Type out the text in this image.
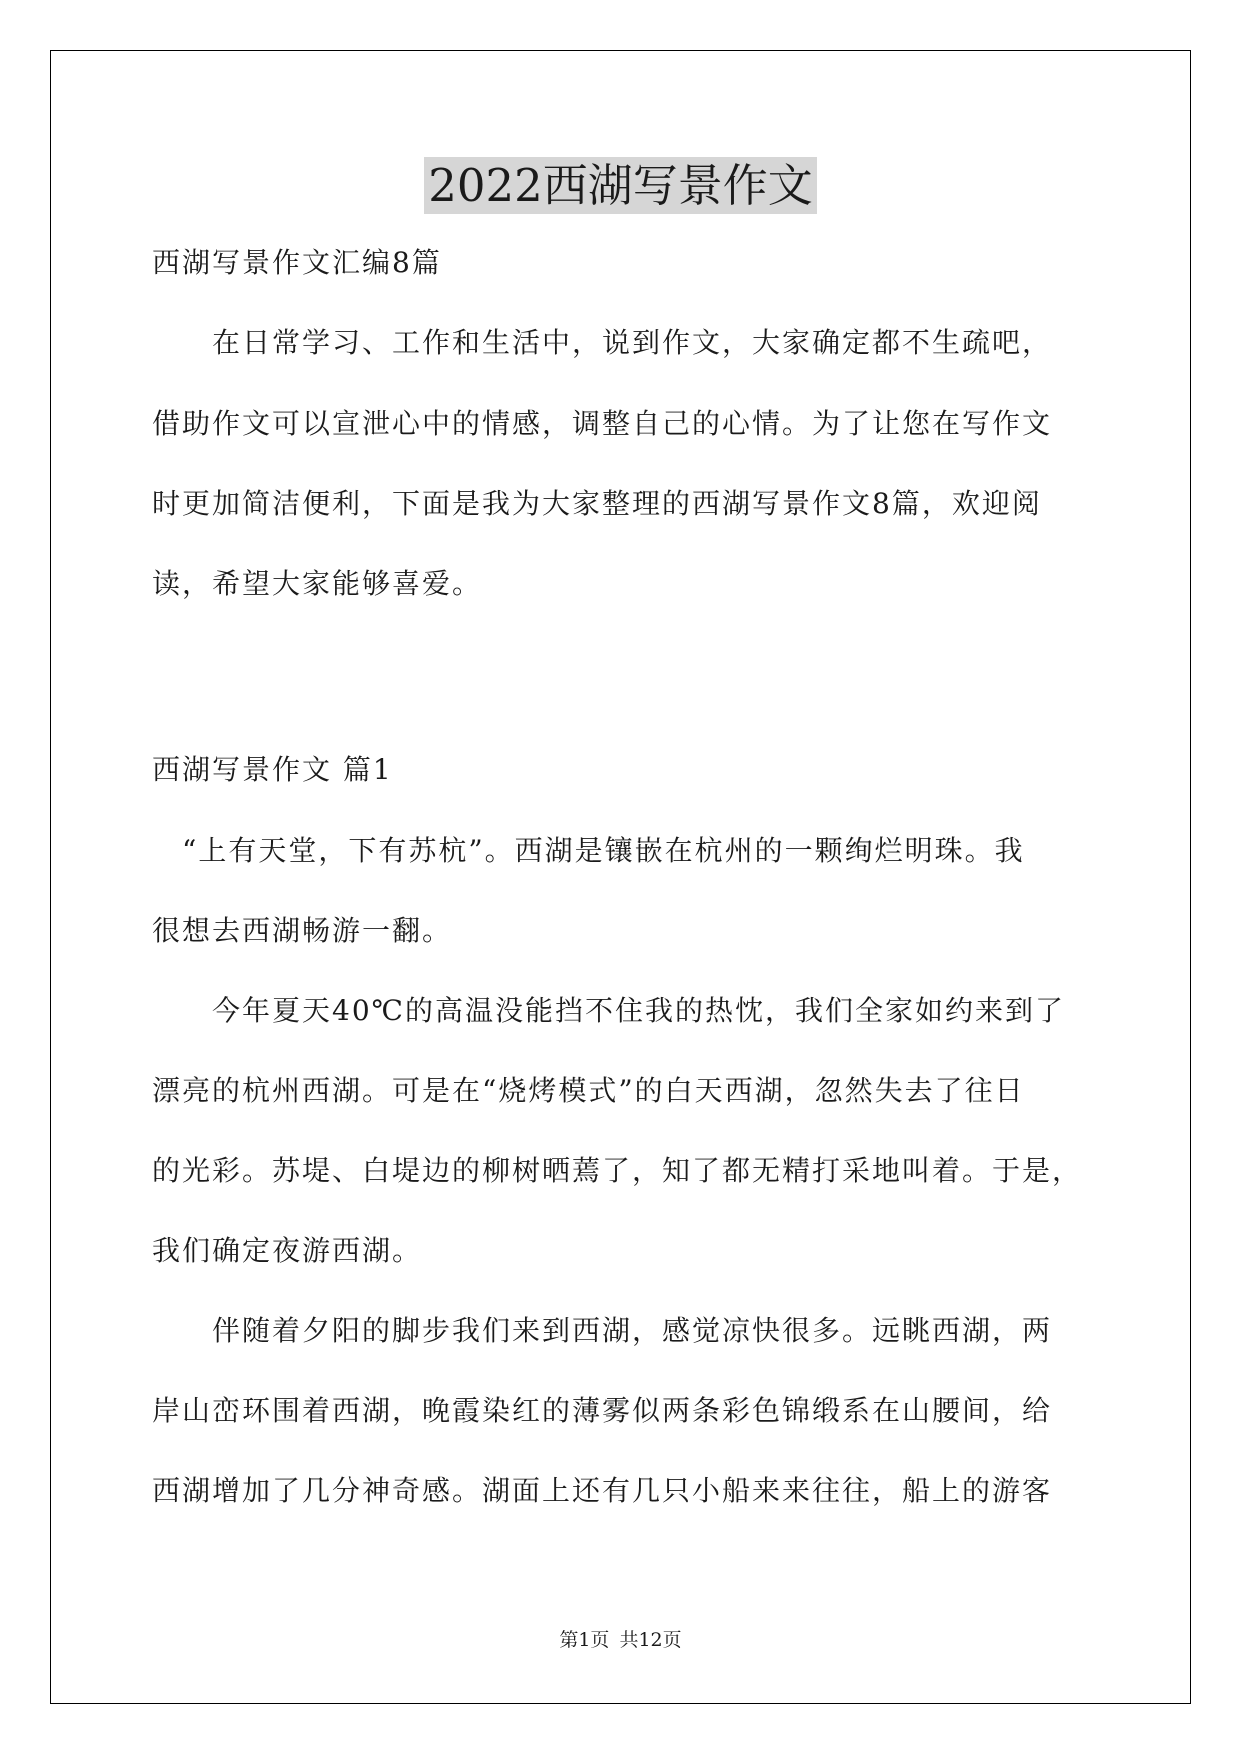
2022西湖写景作文

西湖写景作文汇编8篇

　　在日常学习、工作和生活中，说到作文，大家确定都不生疏吧，

借助作文可以宣泄心中的情感，调整自己的心情。为了让您在写作文

时更加简洁便利，下面是我为大家整理的西湖写景作文8篇，欢迎阅

读，希望大家能够喜爱。

西湖写景作文 篇1

　“上有天堂，下有苏杭”。西湖是镶嵌在杭州的一颗绚烂明珠。我

很想去西湖畅游一翻。

　　今年夏天40℃的高温没能挡不住我的热忱，我们全家如约来到了

漂亮的杭州西湖。可是在“烧烤模式”的白天西湖，忽然失去了往日

的光彩。苏堤、白堤边的柳树晒蔫了，知了都无精打采地叫着。于是，

我们确定夜游西湖。

　　伴随着夕阳的脚步我们来到西湖，感觉凉快很多。远眺西湖，两

岸山峦环围着西湖，晚霞染红的薄雾似两条彩色锦缎系在山腰间，给

西湖增加了几分神奇感。湖面上还有几只小船来来往往，船上的游客

第1页 共12页
